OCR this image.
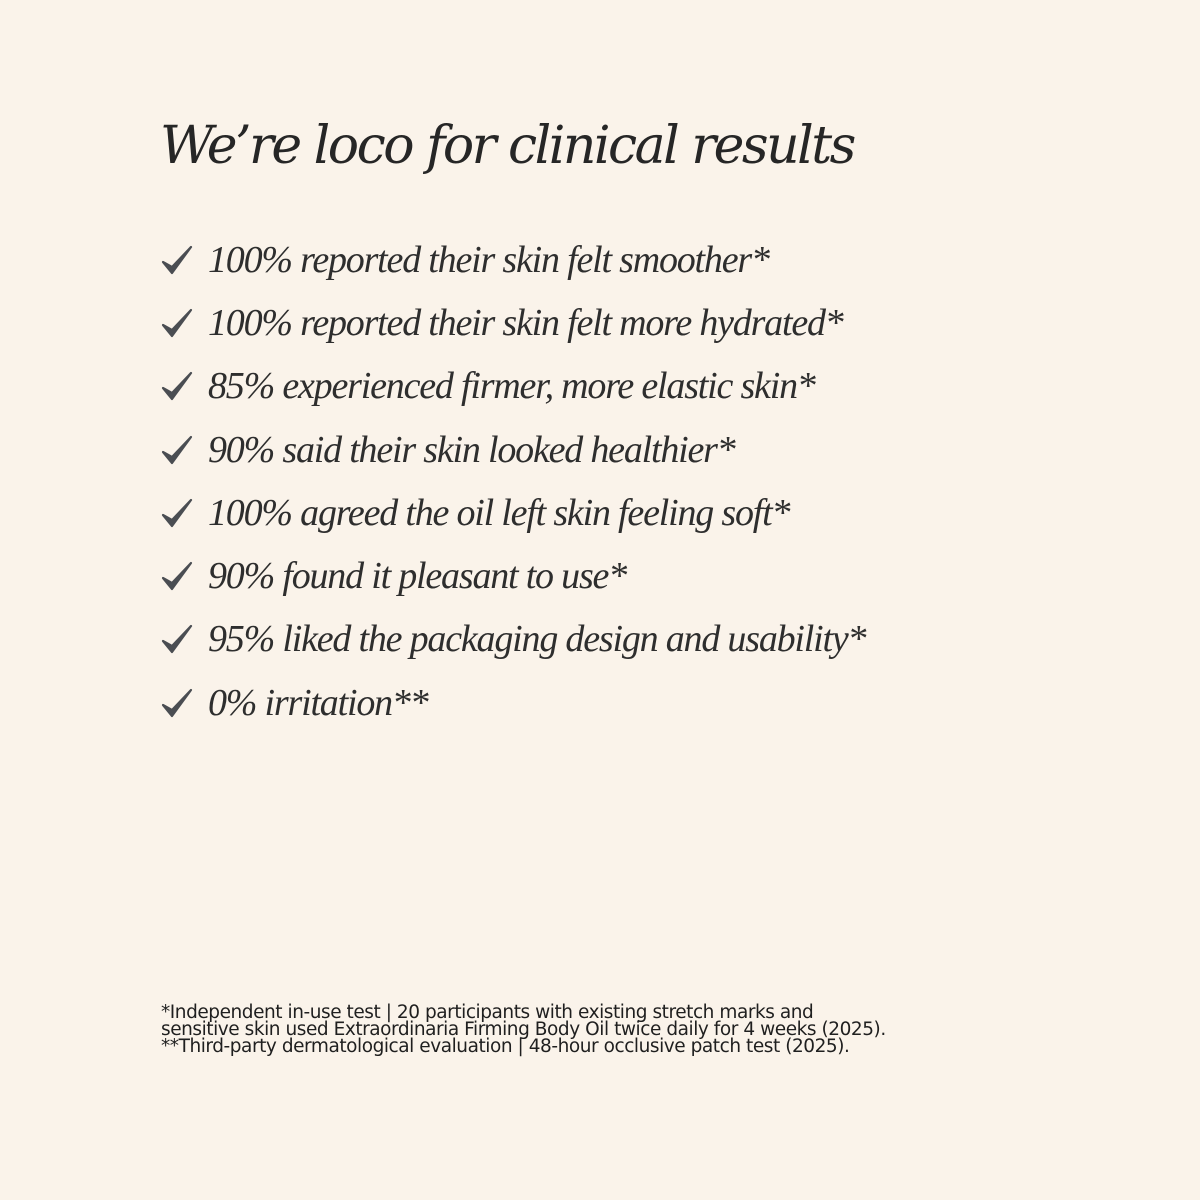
We’re loco for clinical results
100% reported their skin felt smoother*
100% reported their skin felt more hydrated*
85% experienced firmer, more elastic skin*
90% said their skin looked healthier*
100% agreed the oil left skin feeling soft*
90% found it pleasant to use*
95% liked the packaging design and usability*
0% irritation**
*Independent in-use test | 20 participants with existing stretch marks and
sensitive skin used Extraordinaria Firming Body Oil twice daily for 4 weeks (2025).
**Third-party dermatological evaluation | 48-hour occlusive patch test (2025).
